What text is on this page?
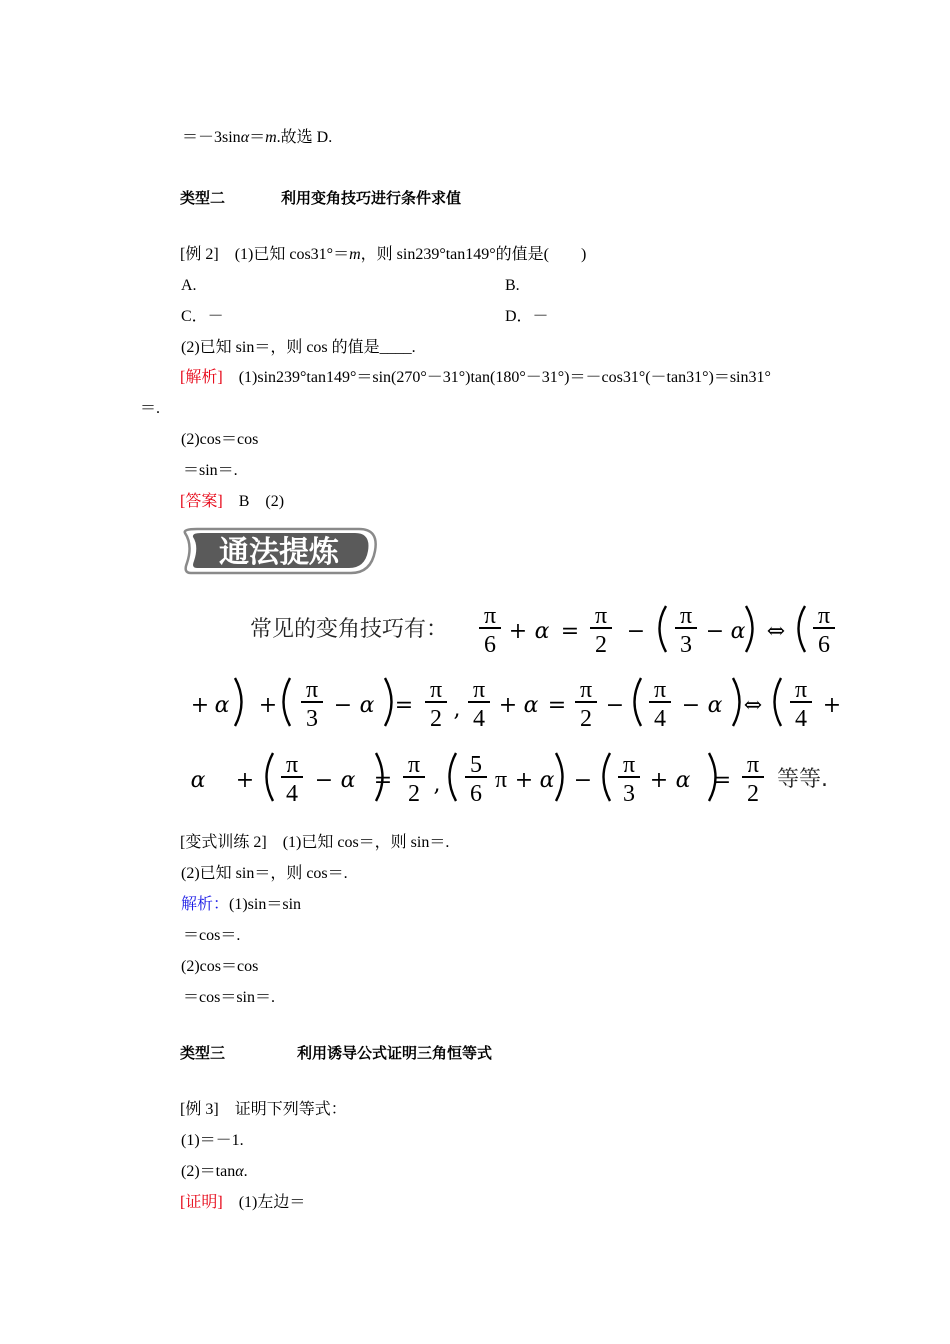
＝－3sinα＝m.故选 D.
类型二	利用变角技巧进行条件求值
[例 2]　 (1)已知 cos31°＝m，则 sin239°tan149°的值是(　　)
A.	B.
C．－	D．－
(2)已知 sin＝，则 cos 的值是____.
[解析]　 (1)sin239°tan149°＝sin(270°－31°)tan(180°－31°)＝－cos31°(－tan31°)＝sin31°
＝.
(2)cos＝cos
＝sin＝.
[答案]　 B　(2)
通法提炼
常见的变角技巧有：
π
6
+ α =
π
2
−
π
3
− α ⇔
π
6
+ α +
π
3
− α =
π
2 ,
π
4
+ α =
π
2
−
π
4
− α ⇔
π
4
+
α +
π
4
− α =
π
2 ,
5
6
π + α −
π
3
+ α =
π
2
等等.
[变式训练 2]　 (1)已知 cos＝，则 sin＝.
(2)已知 sin＝，则 cos＝.
解析：(1)sin＝sin
＝cos＝.
(2)cos＝cos
＝cos＝sin＝.
类型三	利用诱导公式证明三角恒等式
[例 3]　 证明下列等式：
(1)＝－1.
(2)＝tanα.
[证明]　 (1)左边＝
